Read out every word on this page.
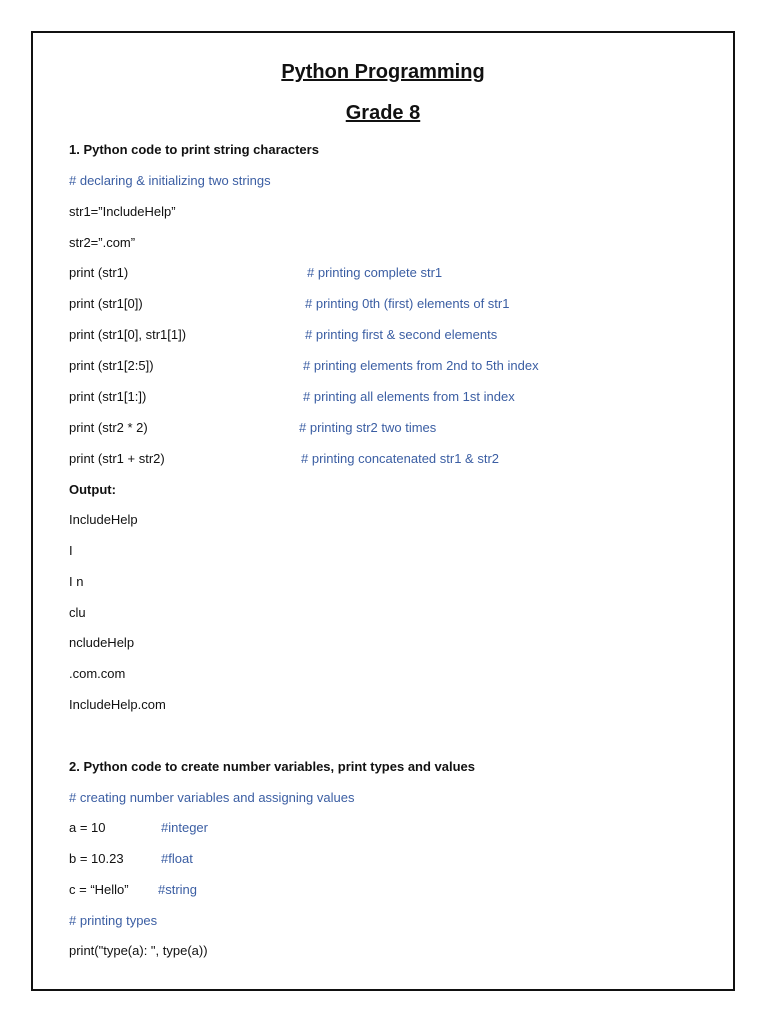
Python Programming
Grade 8
1. Python code to print string characters
# declaring & initializing two strings
str1=”IncludeHelp”
str2=”.com”
print (str1)	# printing complete str1
print (str1[0])	# printing 0th (first) elements of str1
print (str1[0], str1[1])	# printing first & second elements
print (str1[2:5])	# printing elements from 2nd to 5th index
print (str1[1:])	# printing all elements from 1st index
print (str2 * 2)	# printing str2 two times
print (str1 + str2)	# printing concatenated str1 & str2
Output:
IncludeHelp
I
I n
clu
ncludeHelp
.com.com
IncludeHelp.com
2. Python code to create number variables, print types and values
# creating number variables and assigning values
a = 10	#integer
b = 10.23	#float
c = “Hello” #string
# printing types
print("type(a): ", type(a))
